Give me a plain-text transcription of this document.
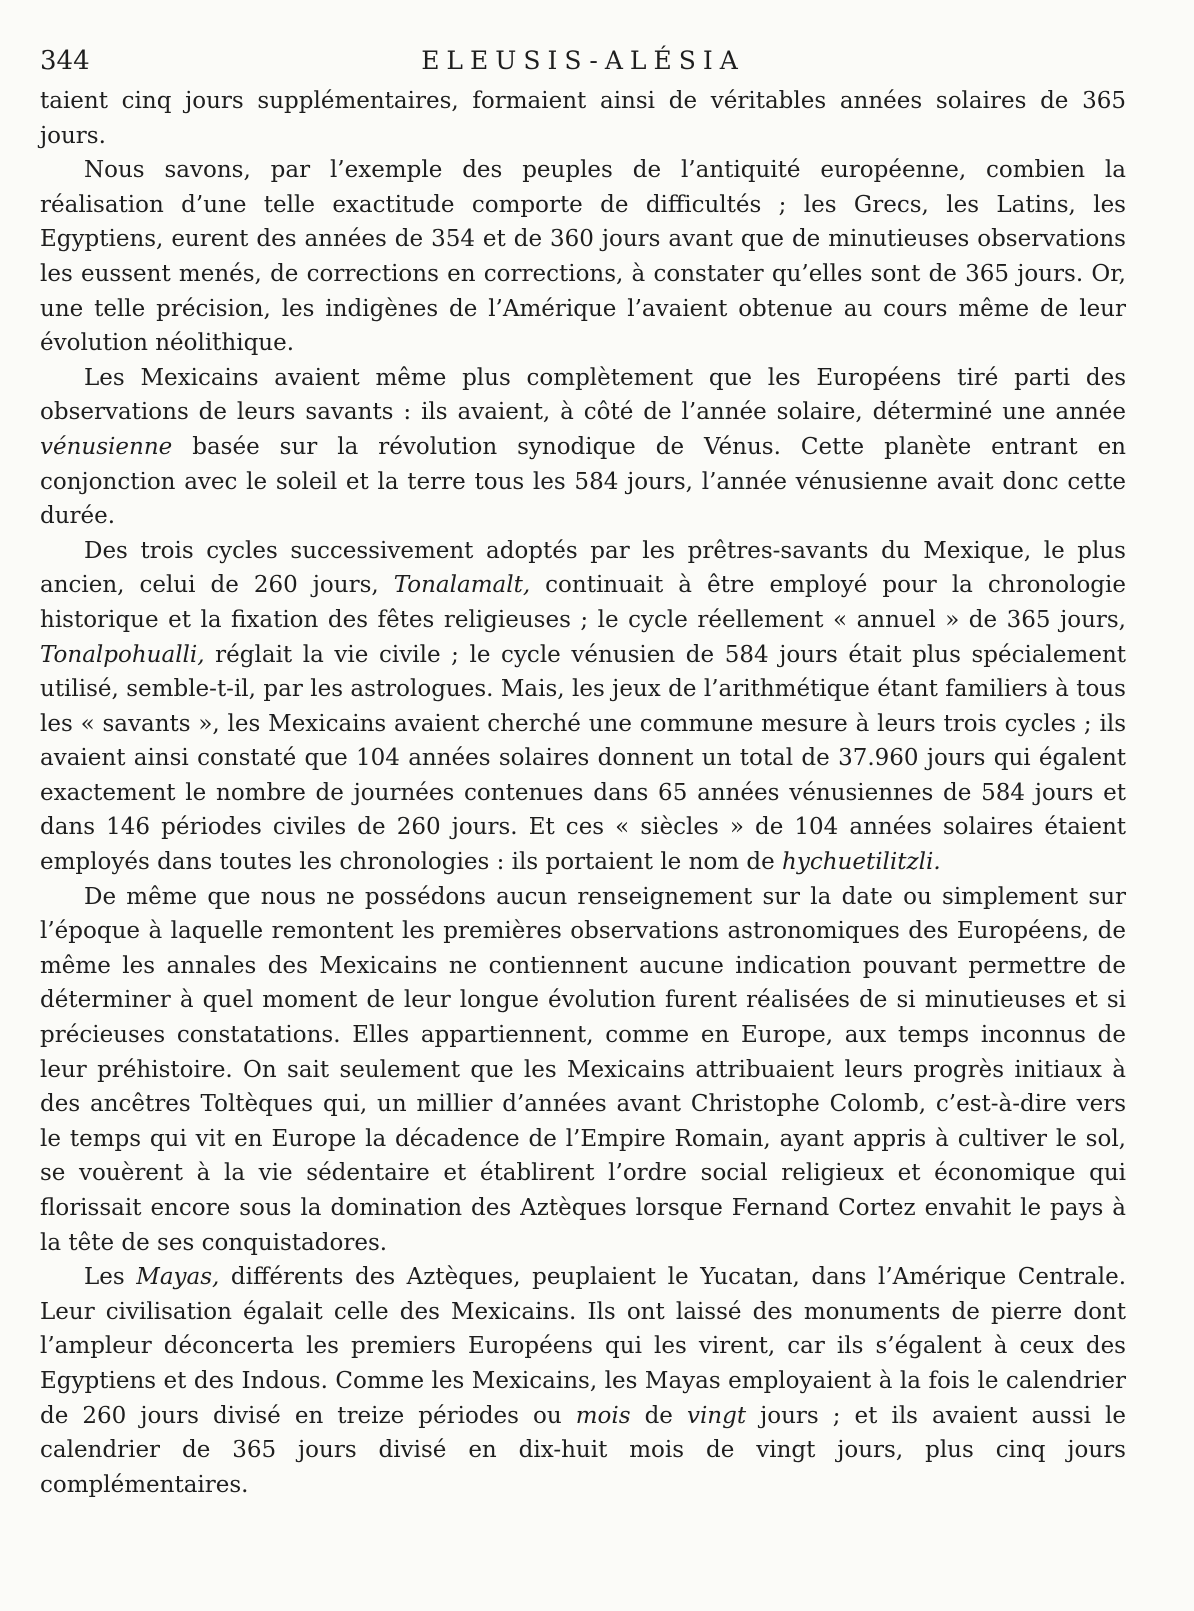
344	ELEUSIS-ALÉSIA

taient cinq jours supplémentaires, formaient ainsi de véritables années solaires de 365 jours.

Nous savons, par l’exemple des peuples de l’antiquité européenne, combien la réalisation d’une telle exactitude comporte de difficultés ; les Grecs, les Latins, les Egyptiens, eurent des années de 354 et de 360 jours avant que de minutieuses observations les eussent menés, de corrections en corrections, à constater qu’elles sont de 365 jours. Or, une telle précision, les indigènes de l’Amérique l’avaient obtenue au cours même de leur évolution néolithique.

Les Mexicains avaient même plus complètement que les Européens tiré parti des observations de leurs savants : ils avaient, à côté de l’année solaire, déterminé une année vénusienne basée sur la révolution synodique de Vénus. Cette planète entrant en conjonction avec le soleil et la terre tous les 584 jours, l’année vénusienne avait donc cette durée.

Des trois cycles successivement adoptés par les prêtres-savants du Mexique, le plus ancien, celui de 260 jours, Tonalamalt, continuait à être employé pour la chronologie historique et la fixation des fêtes religieuses ; le cycle réellement « annuel » de 365 jours, Tonalpohualli, réglait la vie civile ; le cycle vénusien de 584 jours était plus spécialement utilisé, semble-t-il, par les astrologues. Mais, les jeux de l’arithmétique étant familiers à tous les « savants », les Mexicains avaient cherché une commune mesure à leurs trois cycles ; ils avaient ainsi constaté que 104 années solaires donnent un total de 37.960 jours qui égalent exactement le nombre de journées contenues dans 65 années vénusiennes de 584 jours et dans 146 périodes civiles de 260 jours. Et ces « siècles » de 104 années solaires étaient employés dans toutes les chronologies : ils portaient le nom de hychuetilitzli.

De même que nous ne possédons aucun renseignement sur la date ou simplement sur l’époque à laquelle remontent les premières observations astronomiques des Européens, de même les annales des Mexicains ne contiennent aucune indication pouvant permettre de déterminer à quel moment de leur longue évolution furent réalisées de si minutieuses et si précieuses constatations. Elles appartiennent, comme en Europe, aux temps inconnus de leur préhistoire. On sait seulement que les Mexicains attribuaient leurs progrès initiaux à des ancêtres Toltèques qui, un millier d’années avant Christophe Colomb, c’est-à-dire vers le temps qui vit en Europe la décadence de l’Empire Romain, ayant appris à cultiver le sol, se vouèrent à la vie sédentaire et établirent l’ordre social religieux et économique qui florissait encore sous la domination des Aztèques lorsque Fernand Cortez envahit le pays à la tête de ses conquistadores.

Les Mayas, différents des Aztèques, peuplaient le Yucatan, dans l’Amérique Centrale. Leur civilisation égalait celle des Mexicains. Ils ont laissé des monuments de pierre dont l’ampleur déconcerta les premiers Européens qui les virent, car ils s’égalent à ceux des Egyptiens et des Indous. Comme les Mexicains, les Mayas employaient à la fois le calendrier de 260 jours divisé en treize périodes ou mois de vingt jours ; et ils avaient aussi le calendrier de 365 jours divisé en dix-huit mois de vingt jours, plus cinq jours complémentaires.
